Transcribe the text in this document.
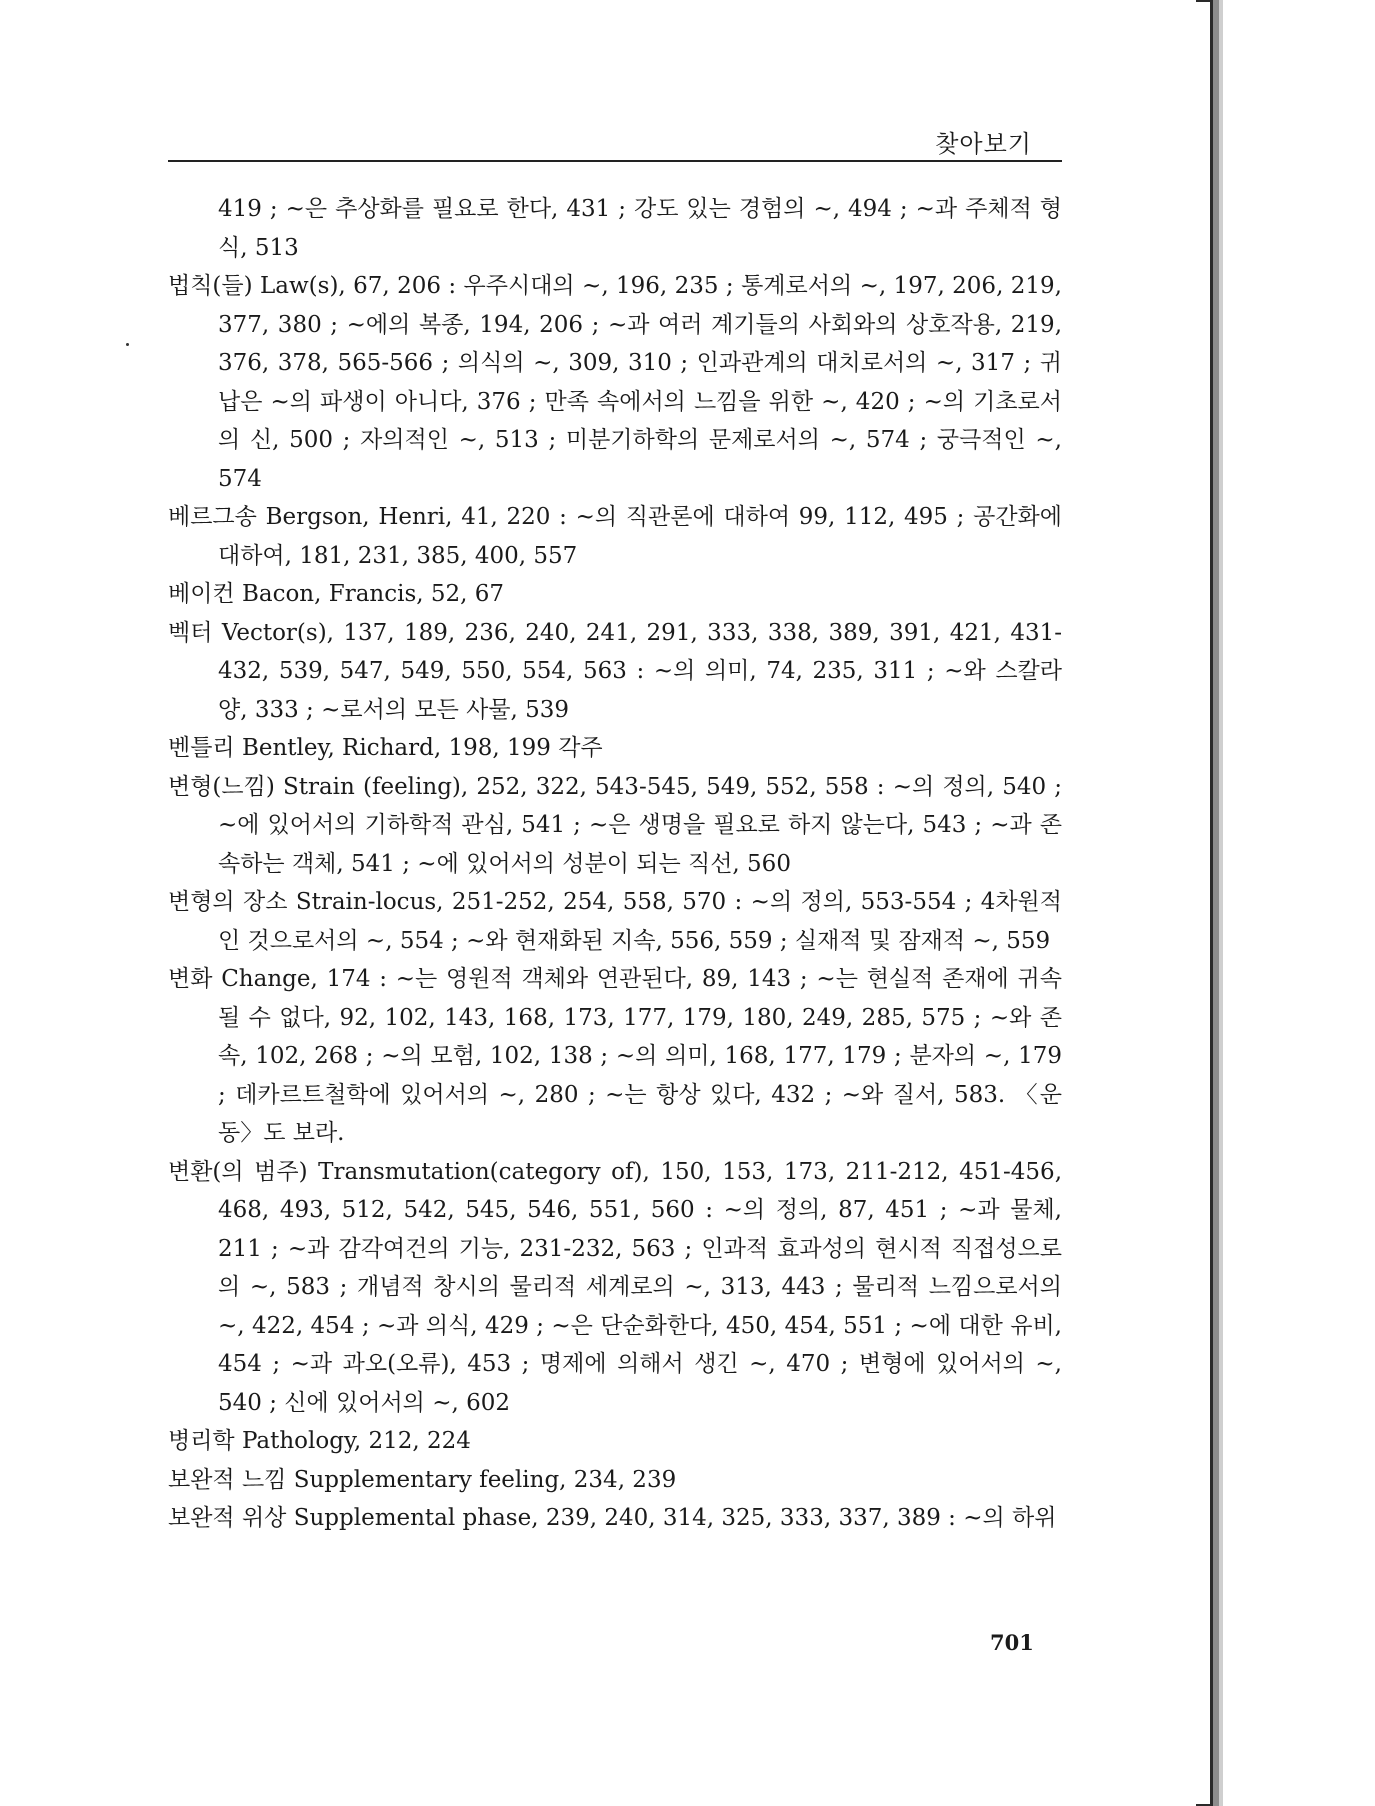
찾아보기
419 ; ~은 추상화를 필요로 한다, 431 ; 강도 있는 경험의 ~, 494 ; ~과 주체적 형식, 513
법칙(들) Law(s), 67, 206 : 우주시대의 ~, 196, 235 ; 통계로서의 ~, 197, 206, 219, 377, 380 ; ~에의 복종, 194, 206 ; ~과 여러 계기들의 사회와의 상호작용, 219, 376, 378, 565-566 ; 의식의 ~, 309, 310 ; 인과관계의 대치로서의 ~, 317 ; 귀납은 ~의 파생이 아니다, 376 ; 만족 속에서의 느낌을 위한 ~, 420 ; ~의 기초로서의 신, 500 ; 자의적인 ~, 513 ; 미분기하학의 문제로서의 ~, 574 ; 궁극적인 ~, 574
베르그송 Bergson, Henri, 41, 220 : ~의 직관론에 대하여 99, 112, 495 ; 공간화에 대하여, 181, 231, 385, 400, 557
베이컨 Bacon, Francis, 52, 67
벡터 Vector(s), 137, 189, 236, 240, 241, 291, 333, 338, 389, 391, 421, 431-432, 539, 547, 549, 550, 554, 563 : ~의 의미, 74, 235, 311 ; ~와 스칼라 양, 333 ; ~로서의 모든 사물, 539
벤틀리 Bentley, Richard, 198, 199 각주
변형(느낌) Strain (feeling), 252, 322, 543-545, 549, 552, 558 : ~의 정의, 540 ; ~에 있어서의 기하학적 관심, 541 ; ~은 생명을 필요로 하지 않는다, 543 ; ~과 존속하는 객체, 541 ; ~에 있어서의 성분이 되는 직선, 560
변형의 장소 Strain-locus, 251-252, 254, 558, 570 : ~의 정의, 553-554 ; 4차원적인 것으로서의 ~, 554 ; ~와 현재화된 지속, 556, 559 ; 실재적 및 잠재적 ~, 559
변화 Change, 174 : ~는 영원적 객체와 연관된다, 89, 143 ; ~는 현실적 존재에 귀속될 수 없다, 92, 102, 143, 168, 173, 177, 179, 180, 249, 285, 575 ; ~와 존속, 102, 268 ; ~의 모험, 102, 138 ; ~의 의미, 168, 177, 179 ; 분자의 ~, 179 ; 데카르트철학에 있어서의 ~, 280 ; ~는 항상 있다, 432 ; ~와 질서, 583. 〈운동〉도 보라.
변환(의 범주) Transmutation(category of), 150, 153, 173, 211-212, 451-456, 468, 493, 512, 542, 545, 546, 551, 560 : ~의 정의, 87, 451 ; ~과 물체, 211 ; ~과 감각여건의 기능, 231-232, 563 ; 인과적 효과성의 현시적 직접성으로의 ~, 583 ; 개념적 창시의 물리적 세계로의 ~, 313, 443 ; 물리적 느낌으로서의 ~, 422, 454 ; ~과 의식, 429 ; ~은 단순화한다, 450, 454, 551 ; ~에 대한 유비, 454 ; ~과 과오(오류), 453 ; 명제에 의해서 생긴 ~, 470 ; 변형에 있어서의 ~, 540 ; 신에 있어서의 ~, 602
병리학 Pathology, 212, 224
보완적 느낌 Supplementary feeling, 234, 239
보완적 위상 Supplemental phase, 239, 240, 314, 325, 333, 337, 389 : ~의 하위
701
